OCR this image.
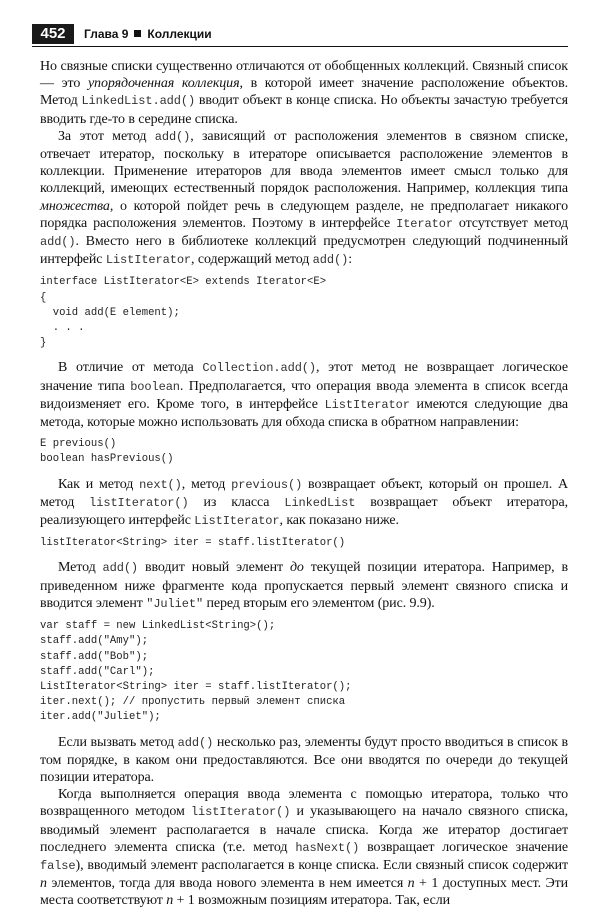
452	Глава 9 Коллекции

Но связные списки существенно отличаются от обобщенных коллекций. Связный список — это упорядоченная коллекция, в которой имеет значение расположение объектов. Метод LinkedList.add() вводит объект в конце списка. Но объекты зачастую требуется вводить где-то в середине списка.

За этот метод add(), зависящий от расположения элементов в связном списке, отвечает итератор, поскольку в итераторе описывается расположение элементов в коллекции. Применение итераторов для ввода элементов имеет смысл только для коллекций, имеющих естественный порядок расположения. Например, коллекция типа множества, о которой пойдет речь в следующем разделе, не предполагает никакого порядка расположения элементов. Поэтому в интерфейсе Iterator отсутствует метод add(). Вместо него в библиотеке коллекций предусмотрен следующий подчиненный интерфейс ListIterator, содержащий метод add():

interface ListIterator<E> extends Iterator<E>
{
void add(E element);
. . .
}

В отличие от метода Collection.add(), этот метод не возвращает логическое значение типа boolean. Предполагается, что операция ввода элемента в список всегда видоизменяет его. Кроме того, в интерфейсе ListIterator имеются следующие два метода, которые можно использовать для обхода списка в обратном направлении:

E previous()
boolean hasPrevious()

Как и метод next(), метод previous() возвращает объект, который он прошел. А метод listIterator() из класса LinkedList возвращает объект итератора, реализующего интерфейс ListIterator, как показано ниже.

listIterator<String> iter = staff.listIterator()

Метод add() вводит новый элемент до текущей позиции итератора. Например, в приведенном ниже фрагменте кода пропускается первый элемент связного списка и вводится элемент "Juliet" перед вторым его элементом (рис. 9.9).

var staff = new LinkedList<String>();
staff.add("Amy");
staff.add("Bob");
staff.add("Carl");
ListIterator<String> iter = staff.listIterator();
iter.next(); // пропустить первый элемент списка
iter.add("Juliet");

Если вызвать метод add() несколько раз, элементы будут просто вводиться в список в том порядке, в каком они предоставляются. Все они вводятся по очереди до текущей позиции итератора.

Когда выполняется операция ввода элемента с помощью итератора, только что возвращенного методом listIterator() и указывающего на начало связного списка, вводимый элемент располагается в начале списка. Когда же итератор достигает последнего элемента списка (т.е. метод hasNext() возвращает логическое значение false), вводимый элемент располагается в конце списка. Если связный список содержит n элементов, тогда для ввода нового элемента в нем имеется n + 1 доступных мест. Эти места соответствуют n + 1 возможным позициям итератора. Так, если
